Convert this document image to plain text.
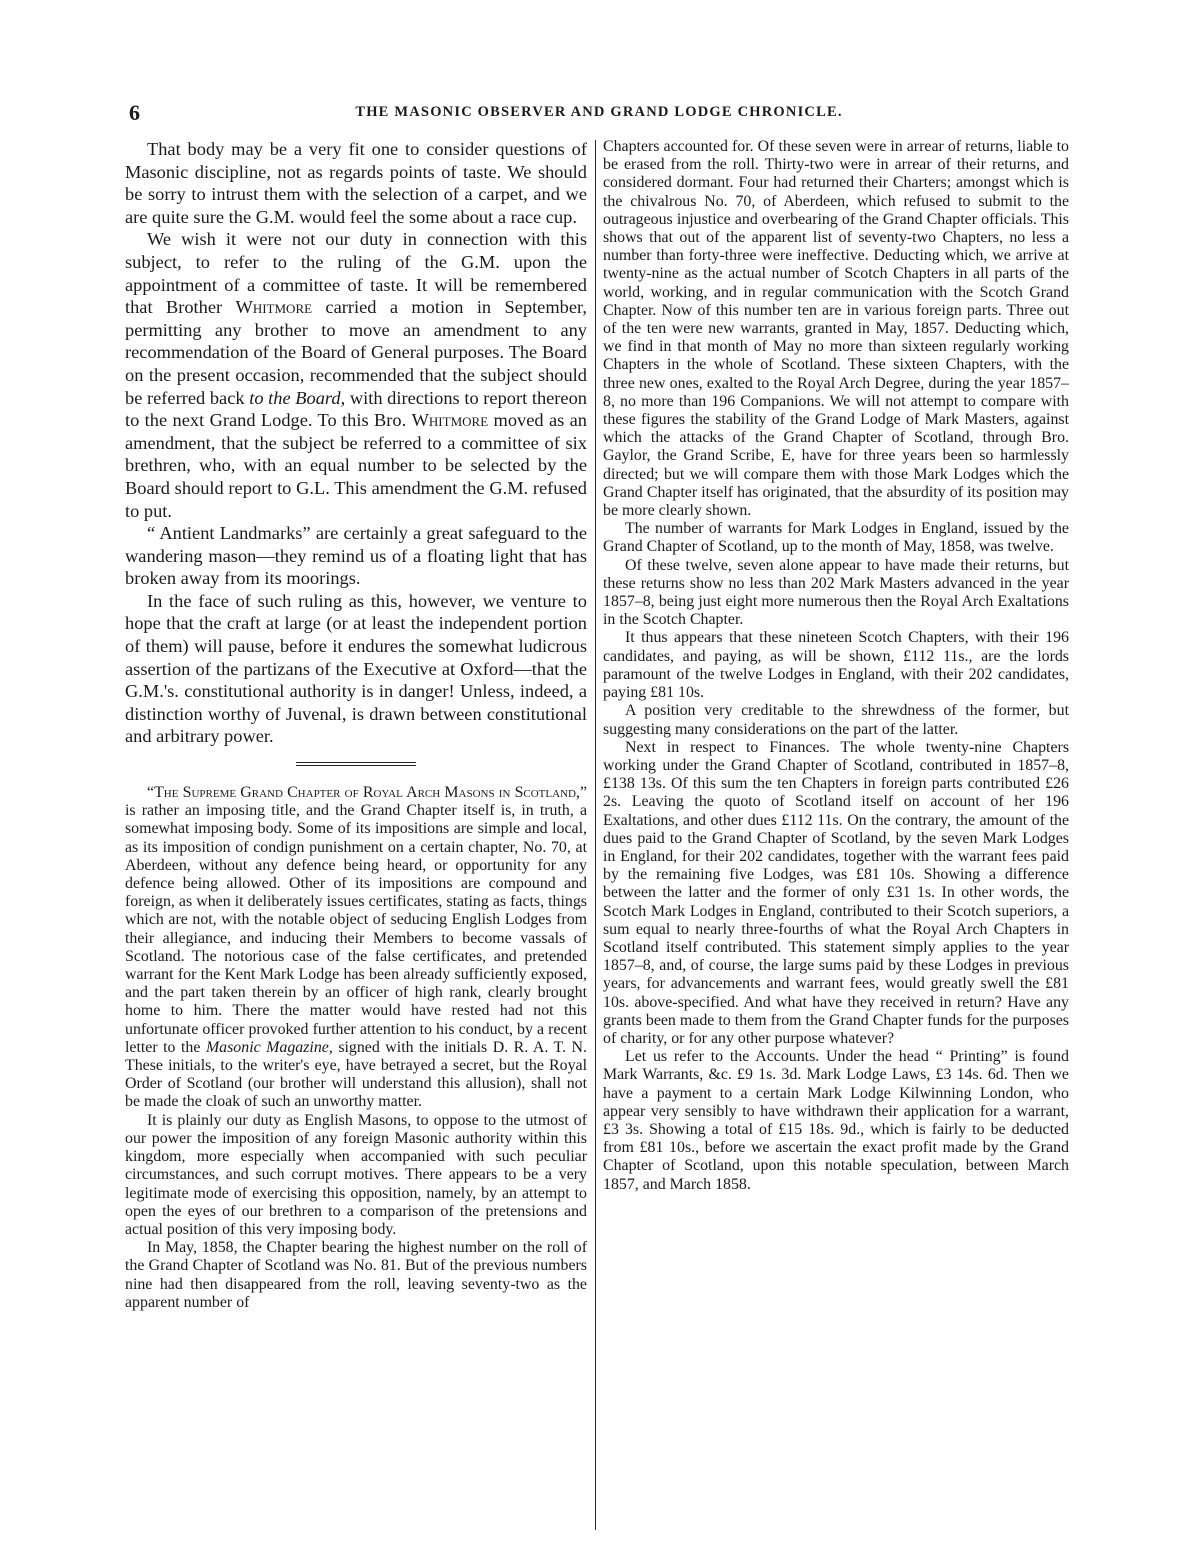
6	THE MASONIC OBSERVER AND GRAND LODGE CHRONICLE.

That body may be a very fit one to consider questions of Masonic discipline, not as regards points of taste. We should be sorry to intrust them with the selection of a carpet, and we are quite sure the G.M. would feel the some about a race cup.

We wish it were not our duty in connection with this subject, to refer to the ruling of the G.M. upon the appointment of a committee of taste. It will be remembered that Brother Whitmore carried a motion in September, permitting any brother to move an amendment to any recommendation of the Board of General purposes. The Board on the present occasion, recommended that the subject should be referred back to the Board, with directions to report thereon to the next Grand Lodge. To this Bro. Whitmore moved as an amendment, that the subject be referred to a committee of six brethren, who, with an equal number to be selected by the Board should report to G.L. This amendment the G.M. refused to put.

“ Antient Landmarks” are certainly a great safeguard to the wandering mason—they remind us of a floating light that has broken away from its moorings.

In the face of such ruling as this, however, we venture to hope that the craft at large (or at least the independent portion of them) will pause, before it endures the somewhat ludicrous assertion of the partizans of the Executive at Oxford—that the G.M.'s. constitutional authority is in danger! Unless, indeed, a distinction worthy of Juvenal, is drawn between constitutional and arbitrary power.

“The Supreme Grand Chapter of Royal Arch Masons in Scotland,” is rather an imposing title, and the Grand Chapter itself is, in truth, a somewhat imposing body. Some of its impositions are simple and local, as its imposition of condign punishment on a certain chapter, No. 70, at Aberdeen, without any defence being heard, or opportunity for any defence being allowed. Other of its impositions are compound and foreign, as when it deliberately issues certificates, stating as facts, things which are not, with the notable object of seducing English Lodges from their allegiance, and inducing their Members to become vassals of Scotland. The notorious case of the false certificates, and pretended warrant for the Kent Mark Lodge has been already sufficiently exposed, and the part taken therein by an officer of high rank, clearly brought home to him. There the matter would have rested had not this unfortunate officer provoked further attention to his conduct, by a recent letter to the Masonic Magazine, signed with the initials D. R. A. T. N. These initials, to the writer's eye, have betrayed a secret, but the Royal Order of Scotland (our brother will understand this allusion), shall not be made the cloak of such an unworthy matter.

It is plainly our duty as English Masons, to oppose to the utmost of our power the imposition of any foreign Masonic authority within this kingdom, more especially when accompanied with such peculiar circumstances, and such corrupt motives. There appears to be a very legitimate mode of exercising this opposition, namely, by an attempt to open the eyes of our brethren to a comparison of the pretensions and actual position of this very imposing body.

In May, 1858, the Chapter bearing the highest number on the roll of the Grand Chapter of Scotland was No. 81. But of the previous numbers nine had then disappeared from the roll, leaving seventy-two as the apparent number of

Chapters accounted for. Of these seven were in arrear of returns, liable to be erased from the roll. Thirty-two were in arrear of their returns, and considered dormant. Four had returned their Charters; amongst which is the chivalrous No. 70, of Aberdeen, which refused to submit to the outrageous injustice and overbearing of the Grand Chapter officials. This shows that out of the apparent list of seventy-two Chapters, no less a number than forty-three were ineffective. Deducting which, we arrive at twenty-nine as the actual number of Scotch Chapters in all parts of the world, working, and in regular communication with the Scotch Grand Chapter. Now of this number ten are in various foreign parts. Three out of the ten were new warrants, granted in May, 1857. Deducting which, we find in that month of May no more than sixteen regularly working Chapters in the whole of Scotland. These sixteen Chapters, with the three new ones, exalted to the Royal Arch Degree, during the year 1857–8, no more than 196 Companions. We will not attempt to compare with these figures the stability of the Grand Lodge of Mark Masters, against which the attacks of the Grand Chapter of Scotland, through Bro. Gaylor, the Grand Scribe, E, have for three years been so harmlessly directed; but we will compare them with those Mark Lodges which the Grand Chapter itself has originated, that the absurdity of its position may be more clearly shown.

The number of warrants for Mark Lodges in England, issued by the Grand Chapter of Scotland, up to the month of May, 1858, was twelve.

Of these twelve, seven alone appear to have made their returns, but these returns show no less than 202 Mark Masters advanced in the year 1857–8, being just eight more numerous then the Royal Arch Exaltations in the Scotch Chapter.

It thus appears that these nineteen Scotch Chapters, with their 196 candidates, and paying, as will be shown, £112 11s., are the lords paramount of the twelve Lodges in England, with their 202 candidates, paying £81 10s.

A position very creditable to the shrewdness of the former, but suggesting many considerations on the part of the latter.

Next in respect to Finances. The whole twenty-nine Chapters working under the Grand Chapter of Scotland, contributed in 1857–8, £138 13s. Of this sum the ten Chapters in foreign parts contributed £26 2s. Leaving the quoto of Scotland itself on account of her 196 Exaltations, and other dues £112 11s. On the contrary, the amount of the dues paid to the Grand Chapter of Scotland, by the seven Mark Lodges in England, for their 202 candidates, together with the warrant fees paid by the remaining five Lodges, was £81 10s. Showing a difference between the latter and the former of only £31 1s. In other words, the Scotch Mark Lodges in England, contributed to their Scotch superiors, a sum equal to nearly three-fourths of what the Royal Arch Chapters in Scotland itself contributed. This statement simply applies to the year 1857–8, and, of course, the large sums paid by these Lodges in previous years, for advancements and warrant fees, would greatly swell the £81 10s. above-specified. And what have they received in return? Have any grants been made to them from the Grand Chapter funds for the purposes of charity, or for any other purpose whatever?

Let us refer to the Accounts. Under the head “ Printing” is found Mark Warrants, &c. £9 1s. 3d. Mark Lodge Laws, £3 14s. 6d. Then we have a payment to a certain Mark Lodge Kilwinning London, who appear very sensibly to have withdrawn their application for a warrant, £3 3s. Showing a total of £15 18s. 9d., which is fairly to be deducted from £81 10s., before we ascertain the exact profit made by the Grand Chapter of Scotland, upon this notable speculation, between March 1857, and March 1858.
